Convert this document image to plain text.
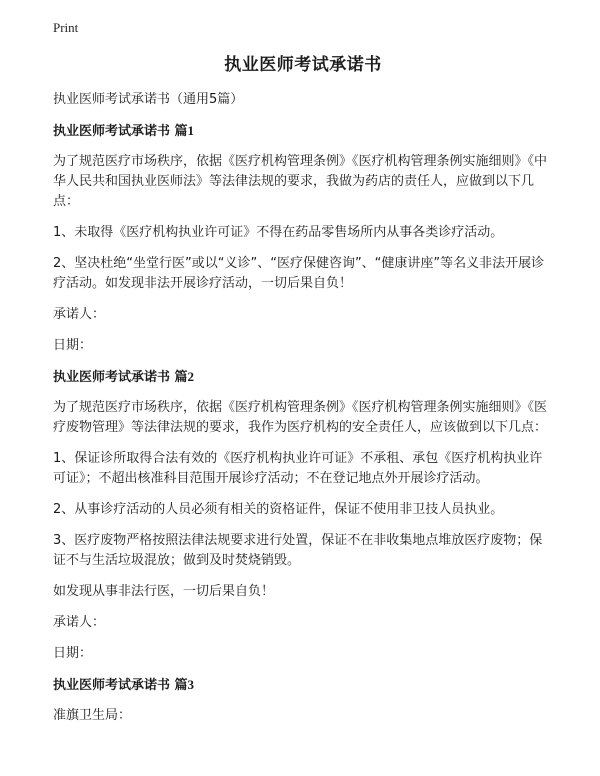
Print
执业医师考试承诺书
执业医师考试承诺书（通用5篇）
执业医师考试承诺书 篇1
为了规范医疗市场秩序，依据《医疗机构管理条例》《医疗机构管理条例实施细则》《中华人民共和国执业医师法》等法律法规的要求，我做为药店的责任人，应做到以下几点：
1、未取得《医疗机构执业许可证》不得在药品零售场所内从事各类诊疗活动。
2、坚决杜绝“坐堂行医”或以“义诊”、“医疗保健咨询”、“健康讲座”等名义非法开展诊疗活动。如发现非法开展诊疗活动，一切后果自负！
承诺人：
日期：
执业医师考试承诺书 篇2
为了规范医疗市场秩序，依据《医疗机构管理条例》《医疗机构管理条例实施细则》《医疗废物管理》等法律法规的要求，我作为医疗机构的安全责任人，应该做到以下几点：
1、保证诊所取得合法有效的《医疗机构执业许可证》不承租、承包《医疗机构执业许可证》；不超出核准科目范围开展诊疗活动；不在登记地点外开展诊疗活动。
2、从事诊疗活动的人员必须有相关的资格证件，保证不使用非卫技人员执业。
3、医疗废物严格按照法律法规要求进行处置，保证不在非收集地点堆放医疗废物；保证不与生活垃圾混放；做到及时焚烧销毁。
如发现从事非法行医，一切后果自负！
承诺人：
日期：
执业医师考试承诺书 篇3
准旗卫生局：
